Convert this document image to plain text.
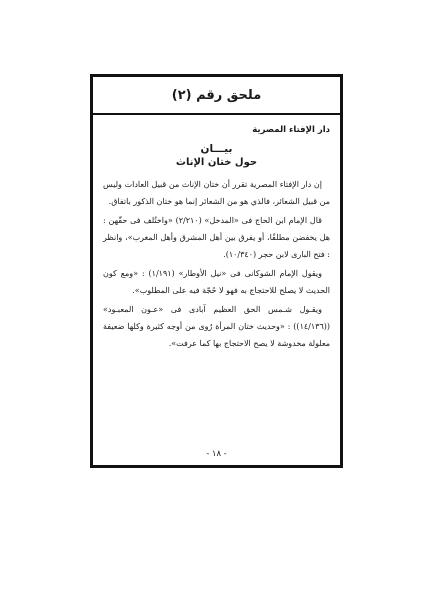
ملحق رقم (٢)
دار الإفتاء المصرية
بيـــان
حول ختان الإناث

إن دار الإفتاء المصرية تقرر أن ختان الإناث من قبيل العادات وليس من قبيل الشعائر، فالذي هو من الشعائر إنما هو ختان الذكور باتفاق.

قال الإمام ابن الحاج فى «المدخل» (٢/٢١٠) «واختُلف فى حقّهن : هل يخفضن مطلقًا، أو يفرق بين أهل المشرق وأهل المغرب»، وانظر : فتح البارى لابن حجر (١٠/٣٤٠).

ويقول الإمام الشوكانى فى «نيل الأوطار» (١/١٩١) : «ومع كون الحديث لا يصلح للاحتجاج به فهو لا حُجّة فيه على المطلوب».

ويقـول شـمس الحق العظيم آبادى فى «عـون المعبـود» ((١٤/١٣٦)) : «وحديث ختان المرأة رُوى من أوجه كثيرة وكلها ضعيفة معلولة مخدوشة لا يصح الاحتجاج بها كما عرفت».

- ١٨ -
